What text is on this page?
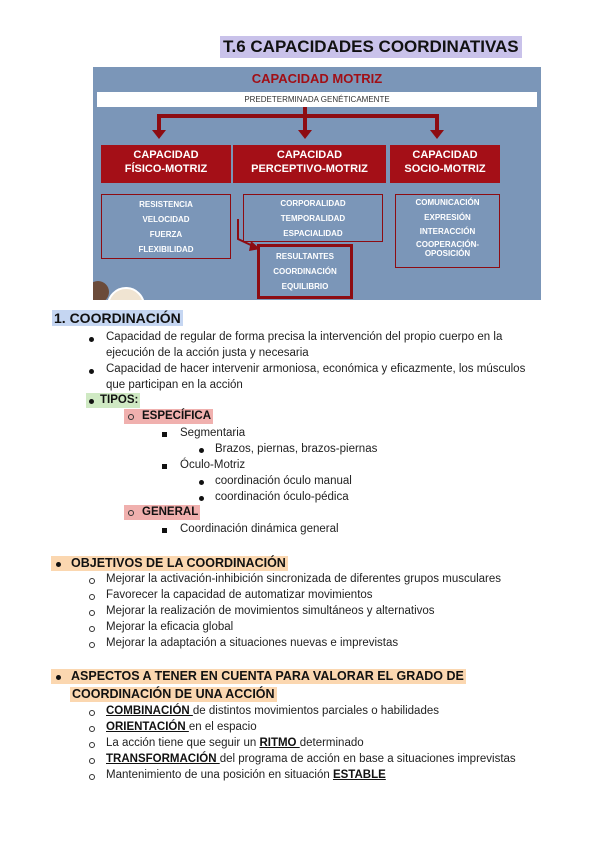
T.6 CAPACIDADES COORDINATIVAS
CAPACIDAD MOTRIZ
PREDETERMINADA GENÉTICAMENTE
CAPACIDAD
FÍSICO-MOTRIZ
CAPACIDAD
PERCEPTIVO-MOTRIZ
CAPACIDAD
SOCIO-MOTRIZ
RESISTENCIA
VELOCIDAD
FUERZA
FLEXIBILIDAD
CORPORALIDAD
TEMPORALIDAD
ESPACIALIDAD
COMUNICACIÓN
EXPRESIÓN
INTERACCIÓN
COOPERACIÓN-
OPOSICIÓN
RESULTANTES
COORDINACIÓN
EQUILIBRIO
1. COORDINACIÓN
Capacidad de regular de forma precisa la intervención del propio cuerpo en la
ejecución de la acción justa y necesaria
Capacidad de hacer intervenir armoniosa, económica y eficazmente, los músculos
que participan en la acción
TIPOS:
ESPECÍFICA
Segmentaria
Brazos, piernas, brazos-piernas
Óculo-Motriz
coordinación óculo manual
coordinación óculo-pédica
GENERAL
Coordinación dinámica general
OBJETIVOS DE LA COORDINACIÓN
Mejorar la activación-inhibición sincronizada de diferentes grupos musculares
Favorecer la capacidad de automatizar movimientos
Mejorar la realización de movimientos simultáneos y alternativos
Mejorar la eficacia global
Mejorar la adaptación a situaciones nuevas e imprevistas
ASPECTOS A TENER EN CUENTA PARA VALORAR EL GRADO DE
COORDINACIÓN DE UNA ACCIÓN
COMBINACIÓN de distintos movimientos parciales o habilidades
ORIENTACIÓN en el espacio
La acción tiene que seguir un RITMO determinado
TRANSFORMACIÓN del programa de acción en base a situaciones imprevistas
Mantenimiento de una posición en situación ESTABLE
